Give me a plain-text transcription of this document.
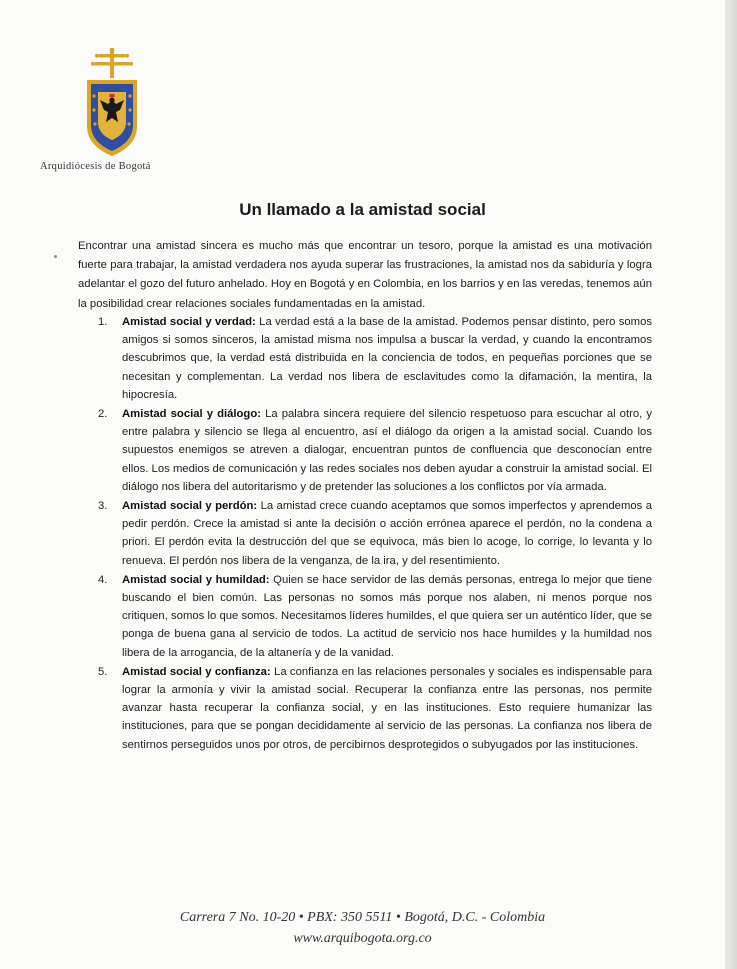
Arquidiócesis de Bogotá
Un llamado a la amistad social

Encontrar una amistad sincera es mucho más que encontrar un tesoro, porque la amistad es una motivación fuerte para trabajar, la amistad verdadera nos ayuda superar las frustraciones, la amistad nos da sabiduría y logra adelantar el gozo del futuro anhelado. Hoy en Bogotá y en Colombia, en los barrios y en las veredas, tenemos aún la posibilidad crear relaciones sociales fundamentadas en la amistad.

1. Amistad social y verdad: La verdad está a la base de la amistad. Podemos pensar distinto, pero somos amigos si somos sinceros, la amistad misma nos impulsa a buscar la verdad, y cuando la encontramos descubrimos que, la verdad está distribuida en la conciencia de todos, en pequeñas porciones que se necesitan y complementan. La verdad nos libera de esclavitudes como la difamación, la mentira, la hipocresía.
2. Amistad social y diálogo: La palabra sincera requiere del silencio respetuoso para escuchar al otro, y entre palabra y silencio se llega al encuentro, así el diálogo da origen a la amistad social. Cuando los supuestos enemigos se atreven a dialogar, encuentran puntos de confluencia que desconocían entre ellos. Los medios de comunicación y las redes sociales nos deben ayudar a construir la amistad social. El diálogo nos libera del autoritarismo y de pretender las soluciones a los conflictos por vía armada.
3. Amistad social y perdón: La amistad crece cuando aceptamos que somos imperfectos y aprendemos a pedir perdón. Crece la amistad si ante la decisión o acción errónea aparece el perdón, no la condena a priori. El perdón evita la destrucción del que se equivoca, más bien lo acoge, lo corrige, lo levanta y lo renueva. El perdón nos libera de la venganza, de la ira, y del resentimiento.
4. Amistad social y humildad: Quien se hace servidor de las demás personas, entrega lo mejor que tiene buscando el bien común. Las personas no somos más porque nos alaben, ni menos porque nos critiquen, somos lo que somos. Necesitamos líderes humildes, el que quiera ser un auténtico líder, que se ponga de buena gana al servicio de todos. La actitud de servicio nos hace humildes y la humildad nos libera de la arrogancia, de la altanería y de la vanidad.
5. Amistad social y confianza: La confianza en las relaciones personales y sociales es indispensable para lograr la armonía y vivir la amistad social. Recuperar la confianza entre las personas, nos permite avanzar hasta recuperar la confianza social, y en las instituciones. Esto requiere humanizar las instituciones, para que se pongan decididamente al servicio de las personas. La confianza nos libera de sentirnos perseguidos unos por otros, de percibirnos desprotegidos o subyugados por las instituciones.
Carrera 7 No. 10-20 • PBX: 350 5511 • Bogotá, D.C. - Colombia
www.arquibogota.org.co
